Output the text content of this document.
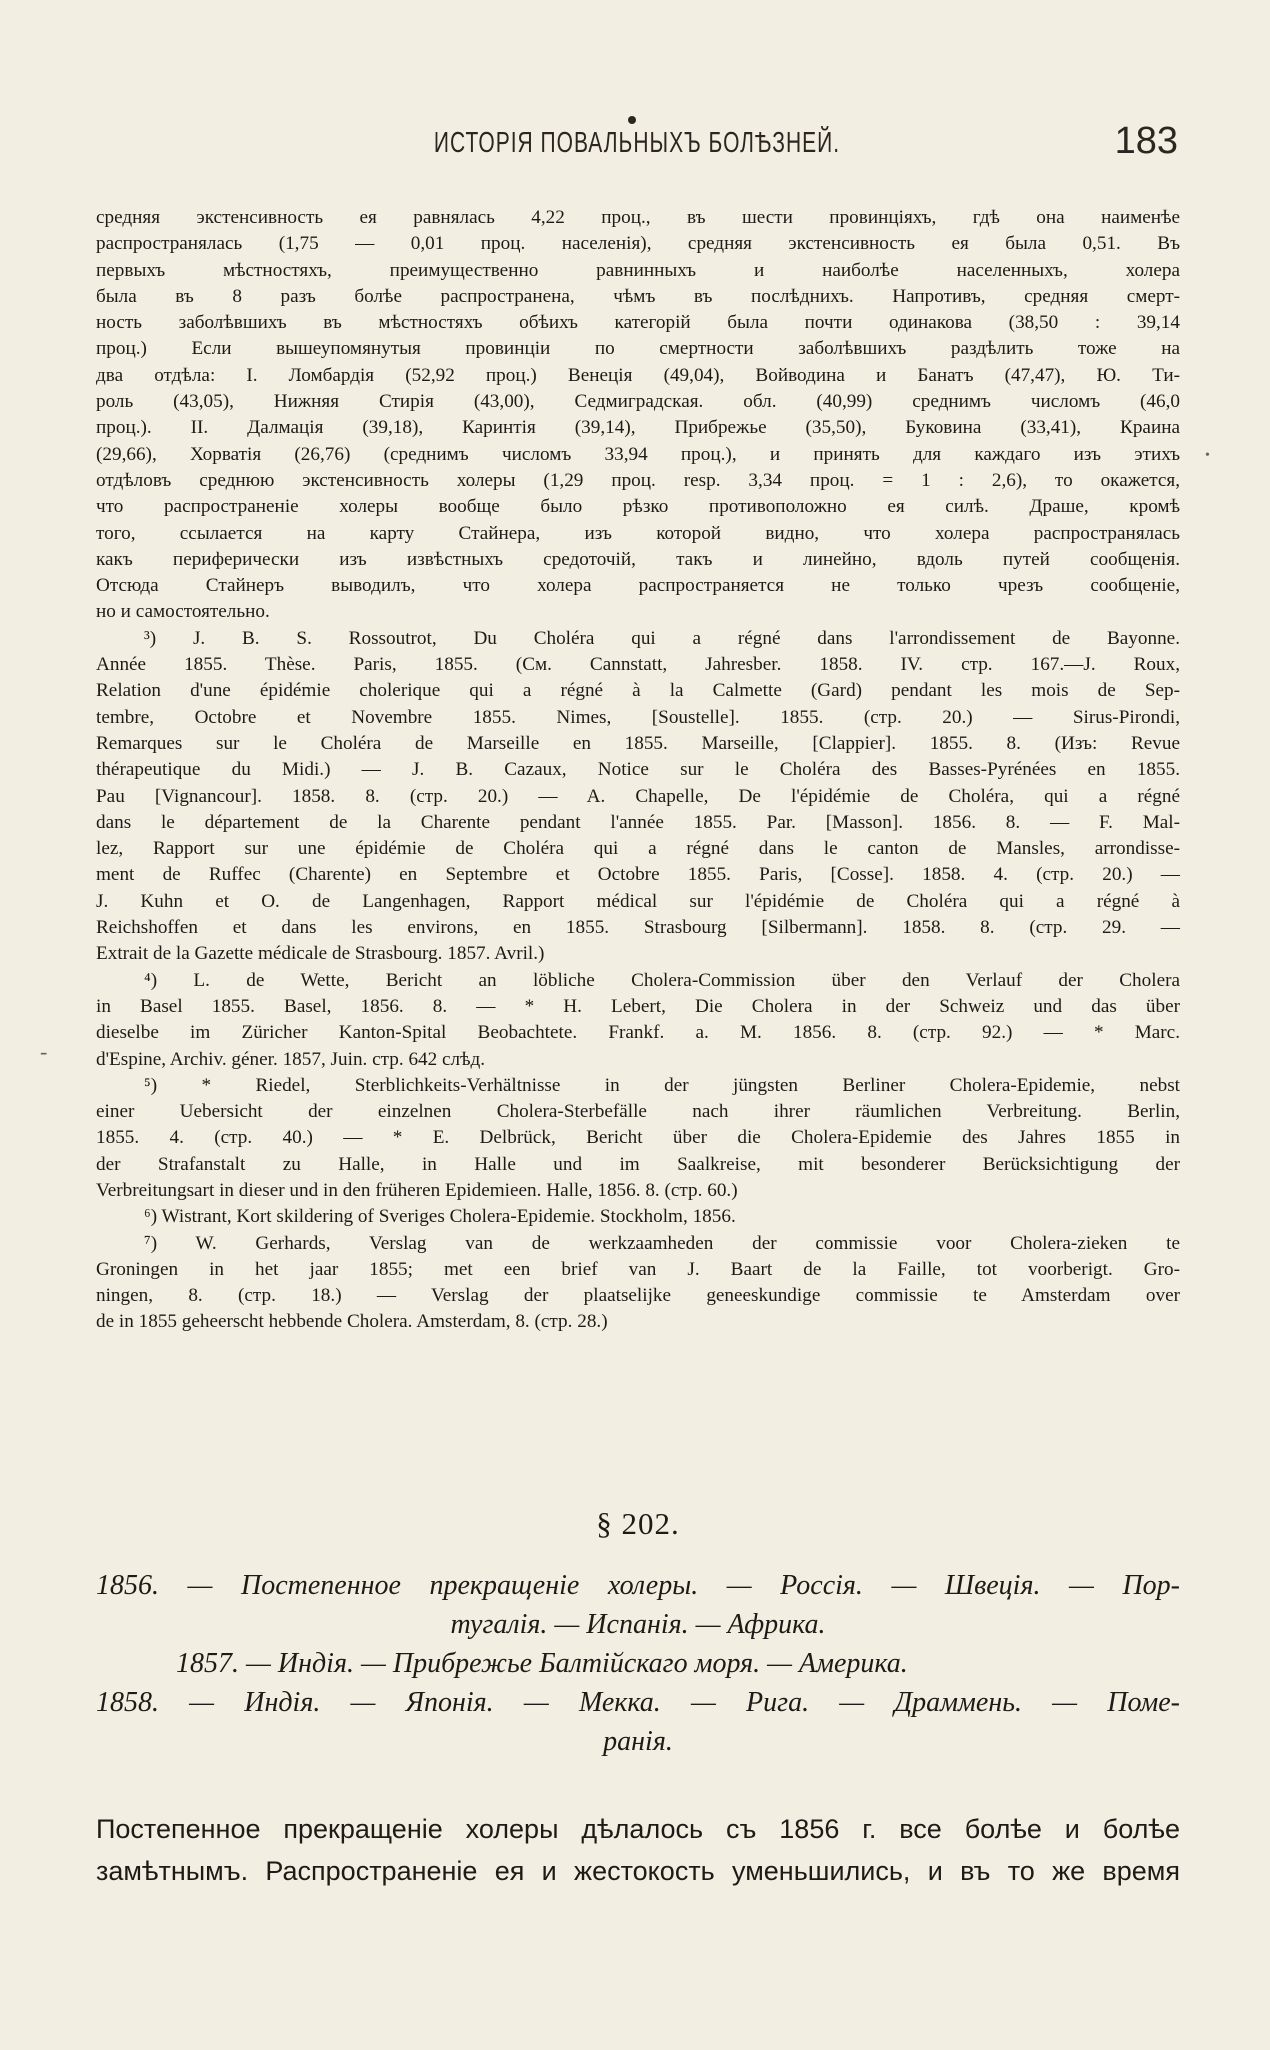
ИСТОРІЯ ПОВАЛЬНЫХЪ БОЛѢЗНЕЙ.	183
средняя экстенсивность ея равнялась 4,22 проц., въ шести провинціяхъ, гдѣ она наименѣе
распространялась (1,75 — 0,01 проц. населенія), средняя экстенсивность ея была 0,51. Въ
первыхъ мѣстностяхъ, преимущественно равнинныхъ и наиболѣе населенныхъ, холера
была въ 8 разъ болѣе распространена, чѣмъ въ послѣднихъ. Напротивъ, средняя смерт-
ность заболѣвшихъ въ мѣстностяхъ обѣихъ категорій была почти одинакова (38,50 : 39,14
проц.) Если вышеупомянутыя провинціи по смертности заболѣвшихъ раздѣлить тоже на
два отдѣла: I. Ломбардія (52,92 проц.) Венеція (49,04), Войводина и Банатъ (47,47), Ю. Ти-
роль (43,05), Нижняя Стирія (43,00), Седмиградская. обл. (40,99) среднимъ числомъ (46,0
проц.). II. Далмація (39,18), Каринтія (39,14), Прибрежье (35,50), Буковина (33,41), Краина
(29,66), Хорватія (26,76) (среднимъ числомъ 33,94 проц.), и принять для каждаго изъ этихъ
отдѣловъ среднюю экстенсивность холеры (1,29 проц. resp. 3,34 проц. = 1 : 2,6), то окажется,
что распространеніе холеры вообще было рѣзко противоположно ея силѣ. Драше, кромѣ
того, ссылается на карту Стайнера, изъ которой видно, что холера распространялась
какъ периферически изъ извѣстныхъ средоточій, такъ и линейно, вдоль путей сообщенія.
Отсюда Стайнеръ выводилъ, что холера распространяется не только чрезъ сообщеніе,
но и самостоятельно.
³) J. B. S. Rossoutrot, Du Choléra qui a régné dans l'arrondissement de Bayonne.
Année 1855. Thèse. Paris, 1855. (См. Cannstatt, Jahresber. 1858. IV. стр. 167.—J. Roux,
Relation d'une épidémie cholerique qui a régné à la Calmette (Gard) pendant les mois de Sep-
tembre, Octobre et Novembre 1855. Nimes, [Soustelle]. 1855. (стр. 20.) — Sirus-Pirondi,
Remarques sur le Choléra de Marseille en 1855. Marseille, [Clappier]. 1855. 8. (Изъ: Revue
thérapeutique du Midi.) — J. B. Cazaux, Notice sur le Choléra des Basses-Pyrénées en 1855.
Pau [Vignancour]. 1858. 8. (стр. 20.) — A. Chapelle, De l'épidémie de Choléra, qui a régné
dans le département de la Charente pendant l'année 1855. Par. [Masson]. 1856. 8. — F. Mal-
lez, Rapport sur une épidémie de Choléra qui a régné dans le canton de Mansles, arrondisse-
ment de Ruffec (Charente) en Septembre et Octobre 1855. Paris, [Cosse]. 1858. 4. (стр. 20.) —
J. Kuhn et O. de Langenhagen, Rapport médical sur l'épidémie de Choléra qui a régné à
Reichshoffen et dans les environs, en 1855. Strasbourg [Silbermann]. 1858. 8. (стр. 29. —
Extrait de la Gazette médicale de Strasbourg. 1857. Avril.)
⁴) L. de Wette, Bericht an löbliche Cholera-Commission über den Verlauf der Cholera
in Basel 1855. Basel, 1856. 8. — * H. Lebert, Die Cholera in der Schweiz und das über
dieselbe im Züricher Kanton-Spital Beobachtete. Frankf. a. M. 1856. 8. (стр. 92.) — * Marc.
d'Espine, Archiv. géner. 1857, Juin. стр. 642 слѣд.
⁵) * Riedel, Sterblichkeits-Verhältnisse in der jüngsten Berliner Cholera-Epidemie, nebst
einer Uebersicht der einzelnen Cholera-Sterbefälle nach ihrer räumlichen Verbreitung. Berlin,
1855. 4. (стр. 40.) — * E. Delbrück, Bericht über die Cholera-Epidemie des Jahres 1855 in
der Strafanstalt zu Halle, in Halle und im Saalkreise, mit besonderer Berücksichtigung der
Verbreitungsart in dieser und in den früheren Epidemieen. Halle, 1856. 8. (стр. 60.)
⁶) Wistrant, Kort skildering of Sveriges Cholera-Epidemie. Stockholm, 1856.
⁷) W. Gerhards, Verslag van de werkzaamheden der commissie voor Cholera-zieken te
Groningen in het jaar 1855; met een brief van J. Baart de la Faille, tot voorberigt. Gro-
ningen, 8. (стр. 18.) — Verslag der plaatselijke geneeskundige commissie te Amsterdam over
de in 1855 geheerscht hebbende Cholera. Amsterdam, 8. (стр. 28.)
§ 202.
1856. — Постепенное прекращеніе холеры. — Россія. — Швеція. — Пор-
тугалія. — Испанія. — Африка.
1857. — Индія. — Прибрежье Балтійскаго моря. — Америка.
1858. — Индія. — Японія. — Мекка. — Рига. — Драммень. — Поме-
ранія.
Постепенное прекращеніе холеры дѣлалось съ 1856 г. все болѣе и болѣе
замѣтнымъ. Распространеніе ея и жестокость уменьшились, и въ то же время
‐
•
